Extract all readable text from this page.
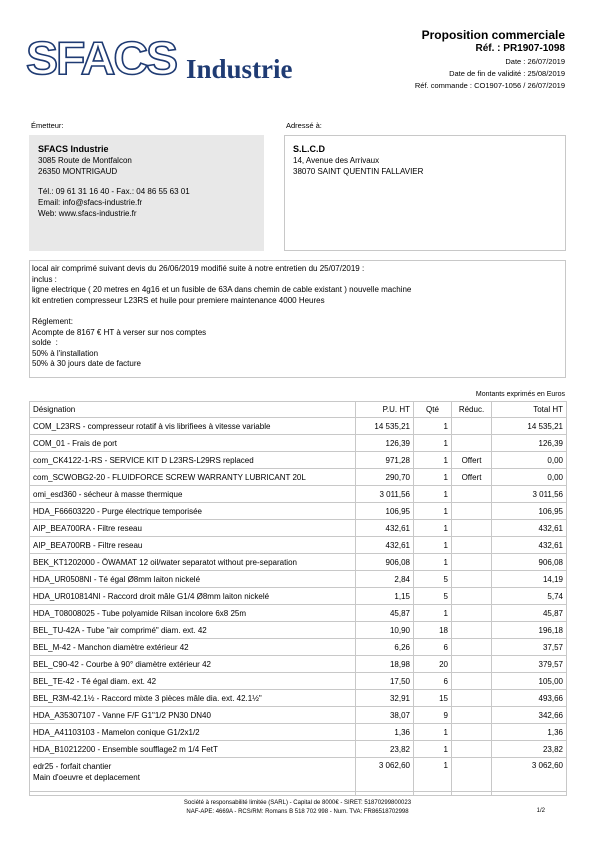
SFACS Industrie
Proposition commerciale
Réf. : PR1907-1098
Date : 26/07/2019
Date de fin de validité : 25/08/2019
Réf. commande : CO1907-1056 / 26/07/2019
Émetteur:
SFACS Industrie
3085 Route de Montfalcon
26350 MONTRIGAUD
Tél.: 09 61 31 16 40 - Fax.: 04 86 55 63 01
Email: info@sfacs-industrie.fr
Web: www.sfacs-industrie.fr
Adressé à:
S.L.C.D
14, Avenue des Arrivaux
38070 SAINT QUENTIN FALLAVIER
local air comprimé suivant devis du 26/06/2019 modifié suite à notre entretien du 25/07/2019 :
inclus :
ligne electrique ( 20 metres en 4g16 et un fusible de 63A dans chemin de cable existant ) nouvelle machine
kit entretien compresseur L23RS et huile pour premiere maintenance 4000 Heures
Réglement:
Acompte de 8167 € HT à verser sur nos comptes
solde  :
50% à l'installation
50% à 30 jours date de facture
Montants exprimés en Euros
Désignation	P.U. HT	Qté	Réduc.	Total HT
COM_L23RS - compresseur rotatif à vis librifiees à vitesse variable	14 535,21	1		14 535,21
COM_01 - Frais de port	126,39	1		126,39
com_CK4122-1-RS - SERVICE KIT D L23RS-L29RS replaced	971,28	1	Offert	0,00
com_SCWOBG2-20 - FLUIDFORCE SCREW WARRANTY LUBRICANT 20L	290,70	1	Offert	0,00
omi_esd360 - sécheur à masse thermique	3 011,56	1		3 011,56
HDA_F66603220 - Purge électrique temporisée	106,95	1		106,95
AIP_BEA700RA - Filtre reseau	432,61	1		432,61
AIP_BEA700RB - Filtre reseau	432,61	1		432,61
BEK_KT1202000 - ÖWAMAT 12 oil/water separatot without pre-separation	906,08	1		906,08
HDA_UR0508NI - Té égal Ø8mm laiton nickelé	2,84	5		14,19
HDA_UR010814NI - Raccord droit mâle G1/4 Ø8mm laiton nickelé	1,15	5		5,74
HDA_T08008025 - Tube polyamide Rilsan incolore 6x8 25m	45,87	1		45,87
BEL_TU-42A - Tube "air comprimé" diam. ext. 42	10,90	18		196,18
BEL_M-42 - Manchon diamètre extérieur 42	6,26	6		37,57
BEL_C90-42 - Courbe à 90° diamètre extérieur 42	18,98	20		379,57
BEL_TE-42 - Té égal diam. ext. 42	17,50	6		105,00
BEL_R3M-42.1½ - Raccord mixte 3 pièces mâle dia. ext. 42.1½"	32,91	15		493,66
HDA_A35307107 - Vanne F/F G1"1/2 PN30 DN40	38,07	9		342,66
HDA_A41103103 - Mamelon conique G1/2x1/2	1,36	1		1,36
HDA_B10212200 - Ensemble soufflage2 m 1/4 FetT	23,82	1		23,82

edr25 - forfait chantier
Main d'oeuvre et deplacement	3 062,60	1		3 062,60

Société à responsabilité limitée (SARL) - Capital de 8000€ - SIRET: 51870299800023
NAF-APE: 4669A - RCS/RM: Romans B 518 702 998 - Num. TVA: FR86518702998	1/2
